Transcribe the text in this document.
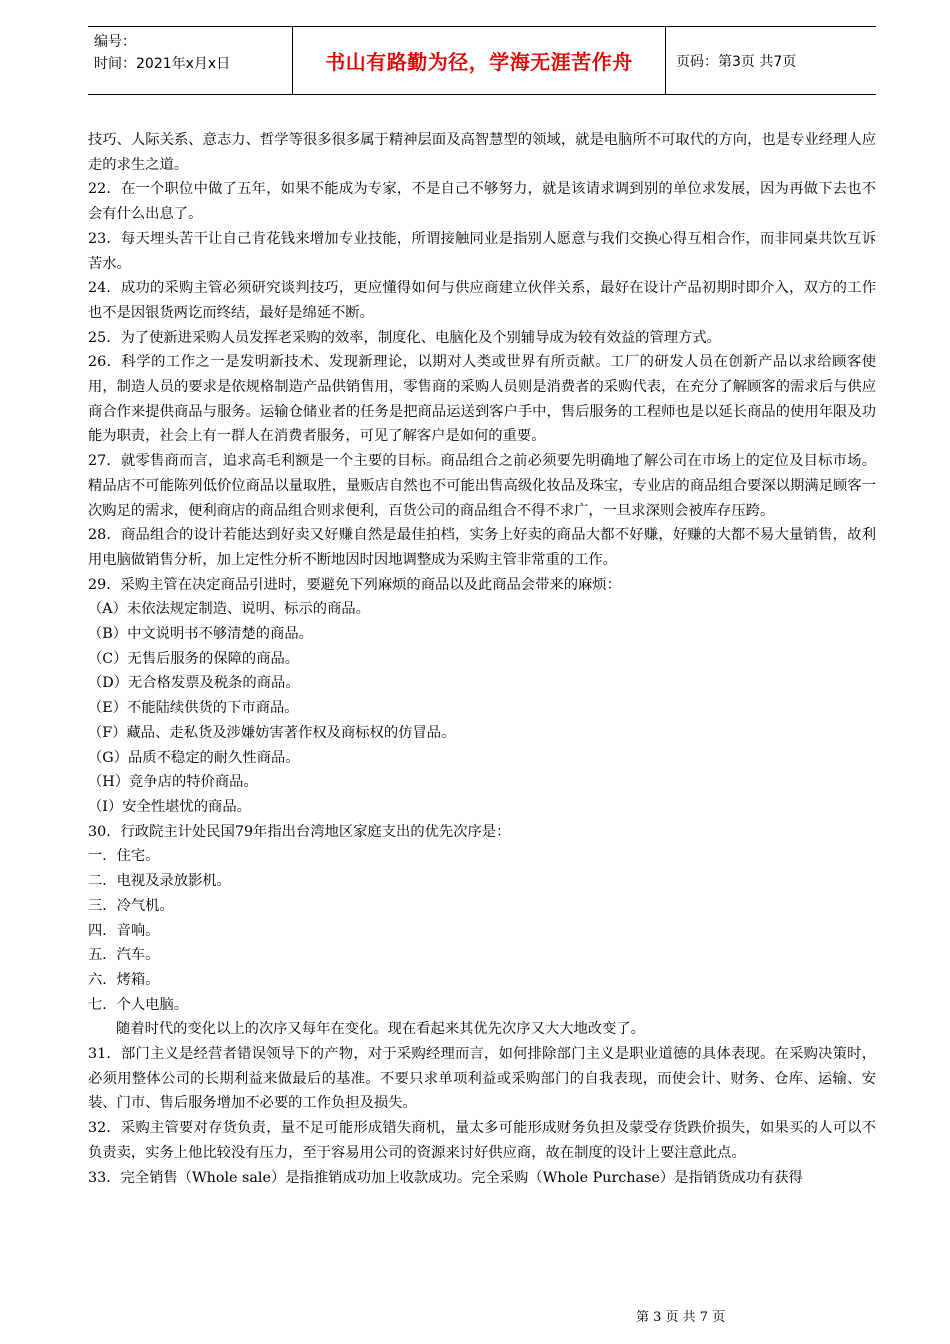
编号：
时间：2021年x月x日	书山有路勤为径，学海无涯苦作舟	页码：第3页 共7页

技巧、人际关系、意志力、哲学等很多很多属于精神层面及高智慧型的领域，就是电脑所不可取代的方向，也是专业经理人应走的求生之道。

22．在一个职位中做了五年，如果不能成为专家，不是自己不够努力，就是该请求调到别的单位求发展，因为再做下去也不会有什么出息了。

23．每天埋头苦干让自己肯花钱来增加专业技能，所谓接触同业是指别人愿意与我们交换心得互相合作，而非同桌共饮互诉苦水。

24．成功的采购主管必须研究谈判技巧，更应懂得如何与供应商建立伙伴关系，最好在设计产品初期时即介入，双方的工作也不是因银货两讫而终结，最好是绵延不断。

25．为了使新进采购人员发挥老采购的效率，制度化、电脑化及个别辅导成为较有效益的管理方式。

26．科学的工作之一是发明新技术、发现新理论，以期对人类或世界有所贡献。工厂的研发人员在创新产品以求给顾客使用，制造人员的要求是依规格制造产品供销售用，零售商的采购人员则是消费者的采购代表，在充分了解顾客的需求后与供应商合作来提供商品与服务。运输仓储业者的任务是把商品运送到客户手中，售后服务的工程师也是以延长商品的使用年限及功能为职责，社会上有一群人在消费者服务，可见了解客户是如何的重要。

27．就零售商而言，追求高毛利额是一个主要的目标。商品组合之前必须要先明确地了解公司在市场上的定位及目标市场。精品店不可能陈列低价位商品以量取胜，量贩店自然也不可能出售高级化妆品及珠宝，专业店的商品组合要深以期满足顾客一次购足的需求，便利商店的商品组合则求便利，百货公司的商品组合不得不求广，一旦求深则会被库存压跨。

28．商品组合的设计若能达到好卖又好赚自然是最佳拍档，实务上好卖的商品大都不好赚，好赚的大都不易大量销售，故利用电脑做销售分析，加上定性分析不断地因时因地调整成为采购主管非常重的工作。

29．采购主管在决定商品引进时，要避免下列麻烦的商品以及此商品会带来的麻烦：

（A）未依法规定制造、说明、标示的商品。

（B）中文说明书不够清楚的商品。

（C）无售后服务的保障的商品。

（D）无合格发票及税条的商品。

（E）不能陆续供货的下市商品。

（F）藏品、走私货及涉嫌妨害著作权及商标权的仿冒品。

（G）品质不稳定的耐久性商品。

（H）竞争店的特价商品。

（I）安全性堪忧的商品。

30．行政院主计处民国79年指出台湾地区家庭支出的优先次序是：

一．住宅。

二．电视及录放影机。

三．冷气机。

四．音响。

五．汽车。

六．烤箱。

七．个人电脑。

随着时代的变化以上的次序又每年在变化。现在看起来其优先次序又大大地改变了。

31．部门主义是经营者错误领导下的产物，对于采购经理而言，如何排除部门主义是职业道德的具体表现。在采购决策时，必须用整体公司的长期利益来做最后的基准。不要只求单项利益或采购部门的自我表现，而使会计、财务、仓库、运输、安装、门市、售后服务增加不必要的工作负担及损失。

32．采购主管要对存货负责，量不足可能形成错失商机，量太多可能形成财务负担及蒙受存货跌价损失，如果买的人可以不负责卖，实务上他比较没有压力，至于容易用公司的资源来讨好供应商，故在制度的设计上要注意此点。

33．完全销售（Whole sale）是指推销成功加上收款成功。完全采购（Whole Purchase）是指销货成功有获得

第 3 页 共 7 页
